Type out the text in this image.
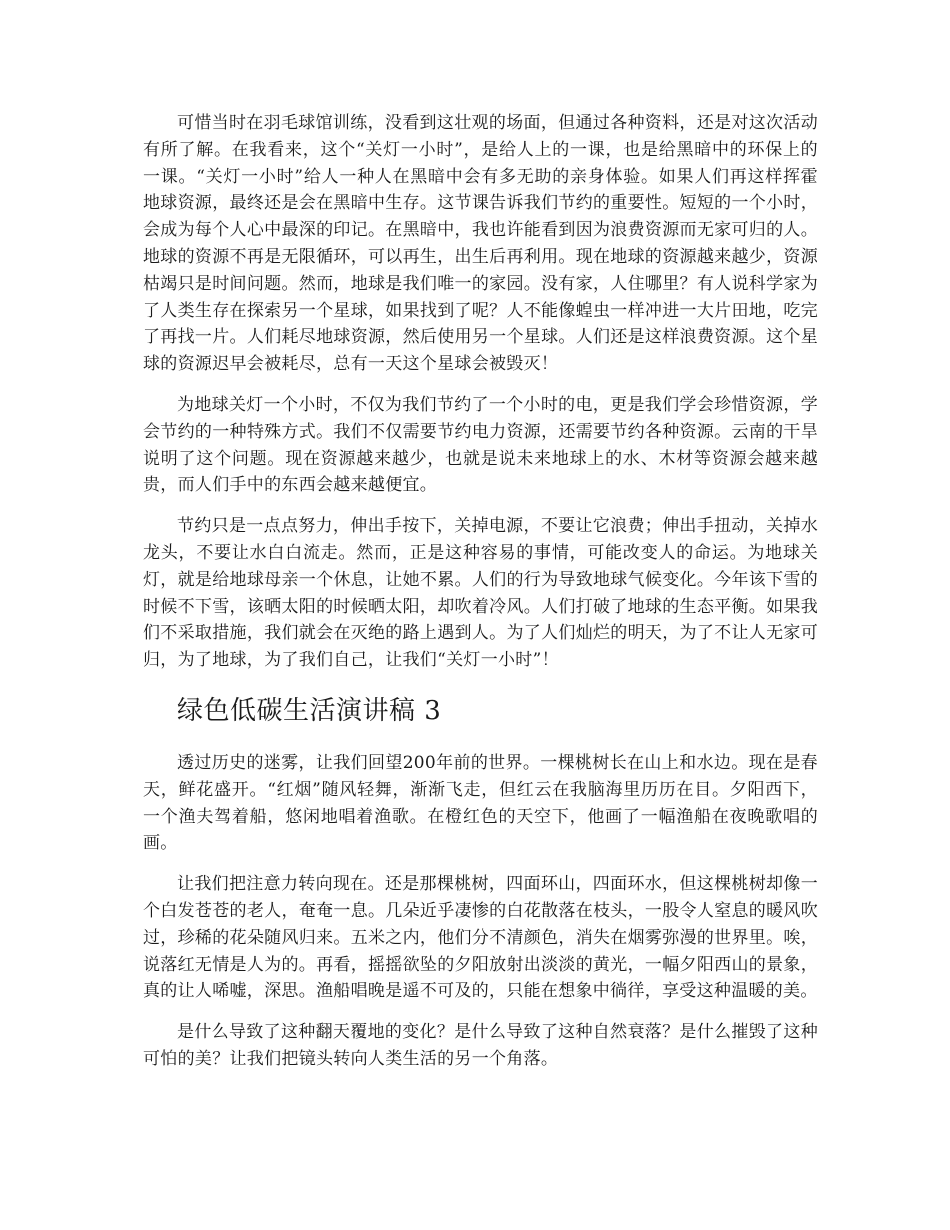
可惜当时在羽毛球馆训练，没看到这壮观的场面，但通过各种资料，还是对这次活动有所了解。在我看来，这个“关灯一小时”，是给人上的一课，也是给黑暗中的环保上的一课。“关灯一小时”给人一种人在黑暗中会有多无助的亲身体验。如果人们再这样挥霍地球资源，最终还是会在黑暗中生存。这节课告诉我们节约的重要性。短短的一个小时，会成为每个人心中最深的印记。在黑暗中，我也许能看到因为浪费资源而无家可归的人。地球的资源不再是无限循环，可以再生，出生后再利用。现在地球的资源越来越少，资源枯竭只是时间问题。然而，地球是我们唯一的家园。没有家，人住哪里？有人说科学家为了人类生存在探索另一个星球，如果找到了呢？人不能像蝗虫一样冲进一大片田地，吃完了再找一片。人们耗尽地球资源，然后使用另一个星球。人们还是这样浪费资源。这个星球的资源迟早会被耗尽，总有一天这个星球会被毁灭！

为地球关灯一个小时，不仅为我们节约了一个小时的电，更是我们学会珍惜资源，学会节约的一种特殊方式。我们不仅需要节约电力资源，还需要节约各种资源。云南的干旱说明了这个问题。现在资源越来越少，也就是说未来地球上的水、木材等资源会越来越贵，而人们手中的东西会越来越便宜。

节约只是一点点努力，伸出手按下，关掉电源，不要让它浪费；伸出手扭动，关掉水龙头，不要让水白白流走。然而，正是这种容易的事情，可能改变人的命运。为地球关灯，就是给地球母亲一个休息，让她不累。人们的行为导致地球气候变化。今年该下雪的时候不下雪，该晒太阳的时候晒太阳，却吹着冷风。人们打破了地球的生态平衡。如果我们不采取措施，我们就会在灭绝的路上遇到人。为了人们灿烂的明天，为了不让人无家可归，为了地球，为了我们自己，让我们“关灯一小时”！

绿色低碳生活演讲稿 3

透过历史的迷雾，让我们回望200年前的世界。一棵桃树长在山上和水边。现在是春天，鲜花盛开。“红烟”随风轻舞，渐渐飞走，但红云在我脑海里历历在目。夕阳西下，一个渔夫驾着船，悠闲地唱着渔歌。在橙红色的天空下，他画了一幅渔船在夜晚歌唱的画。

让我们把注意力转向现在。还是那棵桃树，四面环山，四面环水，但这棵桃树却像一个白发苍苍的老人，奄奄一息。几朵近乎凄惨的白花散落在枝头，一股令人窒息的暖风吹过，珍稀的花朵随风归来。五米之内，他们分不清颜色，消失在烟雾弥漫的世界里。唉，说落红无情是人为的。再看，摇摇欲坠的夕阳放射出淡淡的黄光，一幅夕阳西山的景象，真的让人唏嘘，深思。渔船唱晚是遥不可及的，只能在想象中徜徉，享受这种温暖的美。

是什么导致了这种翻天覆地的变化？是什么导致了这种自然衰落？是什么摧毁了这种可怕的美？让我们把镜头转向人类生活的另一个角落。
